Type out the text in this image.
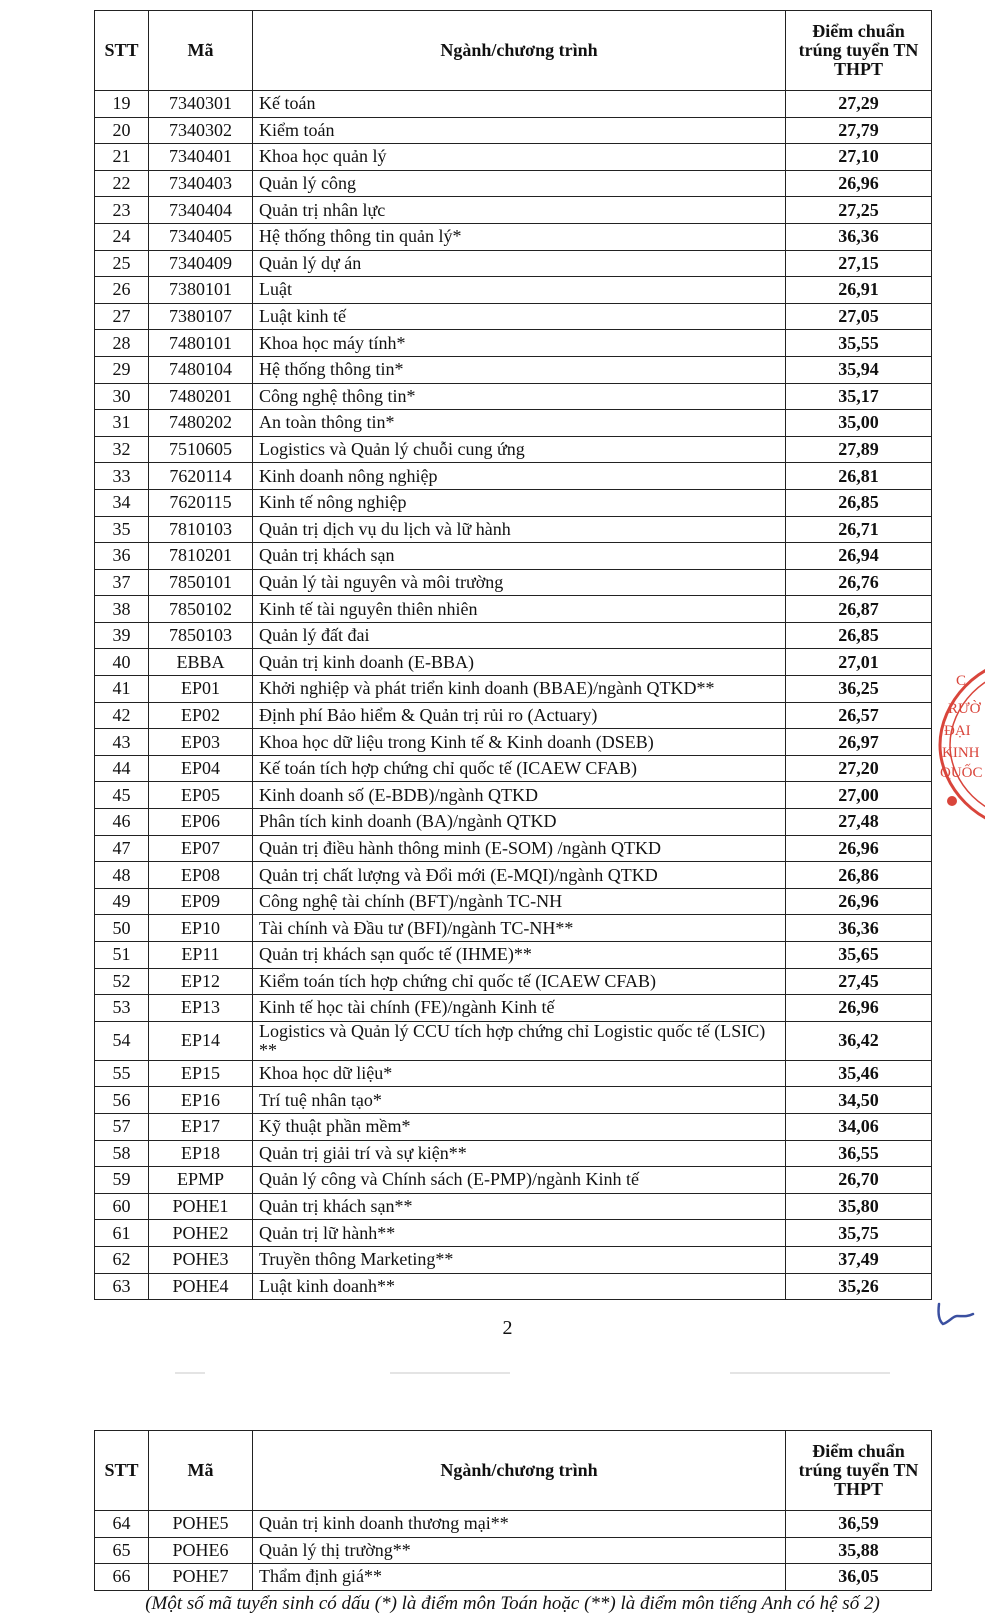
STT	Mã	Ngành/chương trình	Điểm chuẩn trúng tuyển TN THPT
19	7340301	Kế toán	27,29
20	7340302	Kiểm toán	27,79
21	7340401	Khoa học quản lý	27,10
22	7340403	Quản lý công	26,96
23	7340404	Quản trị nhân lực	27,25
24	7340405	Hệ thống thông tin quản lý*	36,36
25	7340409	Quản lý dự án	27,15
26	7380101	Luật	26,91
27	7380107	Luật kinh tế	27,05
28	7480101	Khoa học máy tính*	35,55
29	7480104	Hệ thống thông tin*	35,94
30	7480201	Công nghệ thông tin*	35,17
31	7480202	An toàn thông tin*	35,00
32	7510605	Logistics và Quản lý chuỗi cung ứng	27,89
33	7620114	Kinh doanh nông nghiệp	26,81
34	7620115	Kinh tế nông nghiệp	26,85
35	7810103	Quản trị dịch vụ du lịch và lữ hành	26,71
36	7810201	Quản trị khách sạn	26,94
37	7850101	Quản lý tài nguyên và môi trường	26,76
38	7850102	Kinh tế tài nguyên thiên nhiên	26,87
39	7850103	Quản lý đất đai	26,85
40	EBBA	Quản trị kinh doanh (E-BBA)	27,01
41	EP01	Khởi nghiệp và phát triển kinh doanh (BBAE)/ngành QTKD**	36,25
42	EP02	Định phí Bảo hiểm & Quản trị rủi ro (Actuary)	26,57
43	EP03	Khoa học dữ liệu trong Kinh tế & Kinh doanh (DSEB)	26,97
44	EP04	Kế toán tích hợp chứng chỉ quốc tế (ICAEW CFAB)	27,20
45	EP05	Kinh doanh số (E-BDB)/ngành QTKD	27,00
46	EP06	Phân tích kinh doanh (BA)/ngành QTKD	27,48
47	EP07	Quản trị điều hành thông minh (E-SOM) /ngành QTKD	26,96
48	EP08	Quản trị chất lượng và Đổi mới (E-MQI)/ngành QTKD	26,86
49	EP09	Công nghệ tài chính (BFT)/ngành TC-NH	26,96
50	EP10	Tài chính và Đầu tư (BFI)/ngành TC-NH**	36,36
51	EP11	Quản trị khách sạn quốc tế (IHME)**	35,65
52	EP12	Kiểm toán tích hợp chứng chỉ quốc tế (ICAEW CFAB)	27,45
53	EP13	Kinh tế học tài chính (FE)/ngành Kinh tế	26,96
54	EP14	Logistics và Quản lý CCU tích hợp chứng chỉ Logistic quốc tế (LSIC) **	36,42
55	EP15	Khoa học dữ liệu*	35,46
56	EP16	Trí tuệ nhân tạo*	34,50
57	EP17	Kỹ thuật phần mềm*	34,06
58	EP18	Quản trị giải trí và sự kiện**	36,55
59	EPMP	Quản lý công và Chính sách (E-PMP)/ngành Kinh tế	26,70
60	POHE1	Quản trị khách sạn**	35,80
61	POHE2	Quản trị lữ hành**	35,75
62	POHE3	Truyền thông Marketing**	37,49
63	POHE4	Luật kinh doanh**	35,26
2
STT	Mã	Ngành/chương trình	Điểm chuẩn trúng tuyển TN THPT
64	POHE5	Quản trị kinh doanh thương mại**	36,59
65	POHE6	Quản lý thị trường**	35,88
66	POHE7	Thẩm định giá**	36,05
(Một số mã tuyển sinh có dấu (*) là điểm môn Toán hoặc (**) là điểm môn tiếng Anh có hệ số 2)
C
RƯỜ
ĐẠI
KINH
QUỐC
